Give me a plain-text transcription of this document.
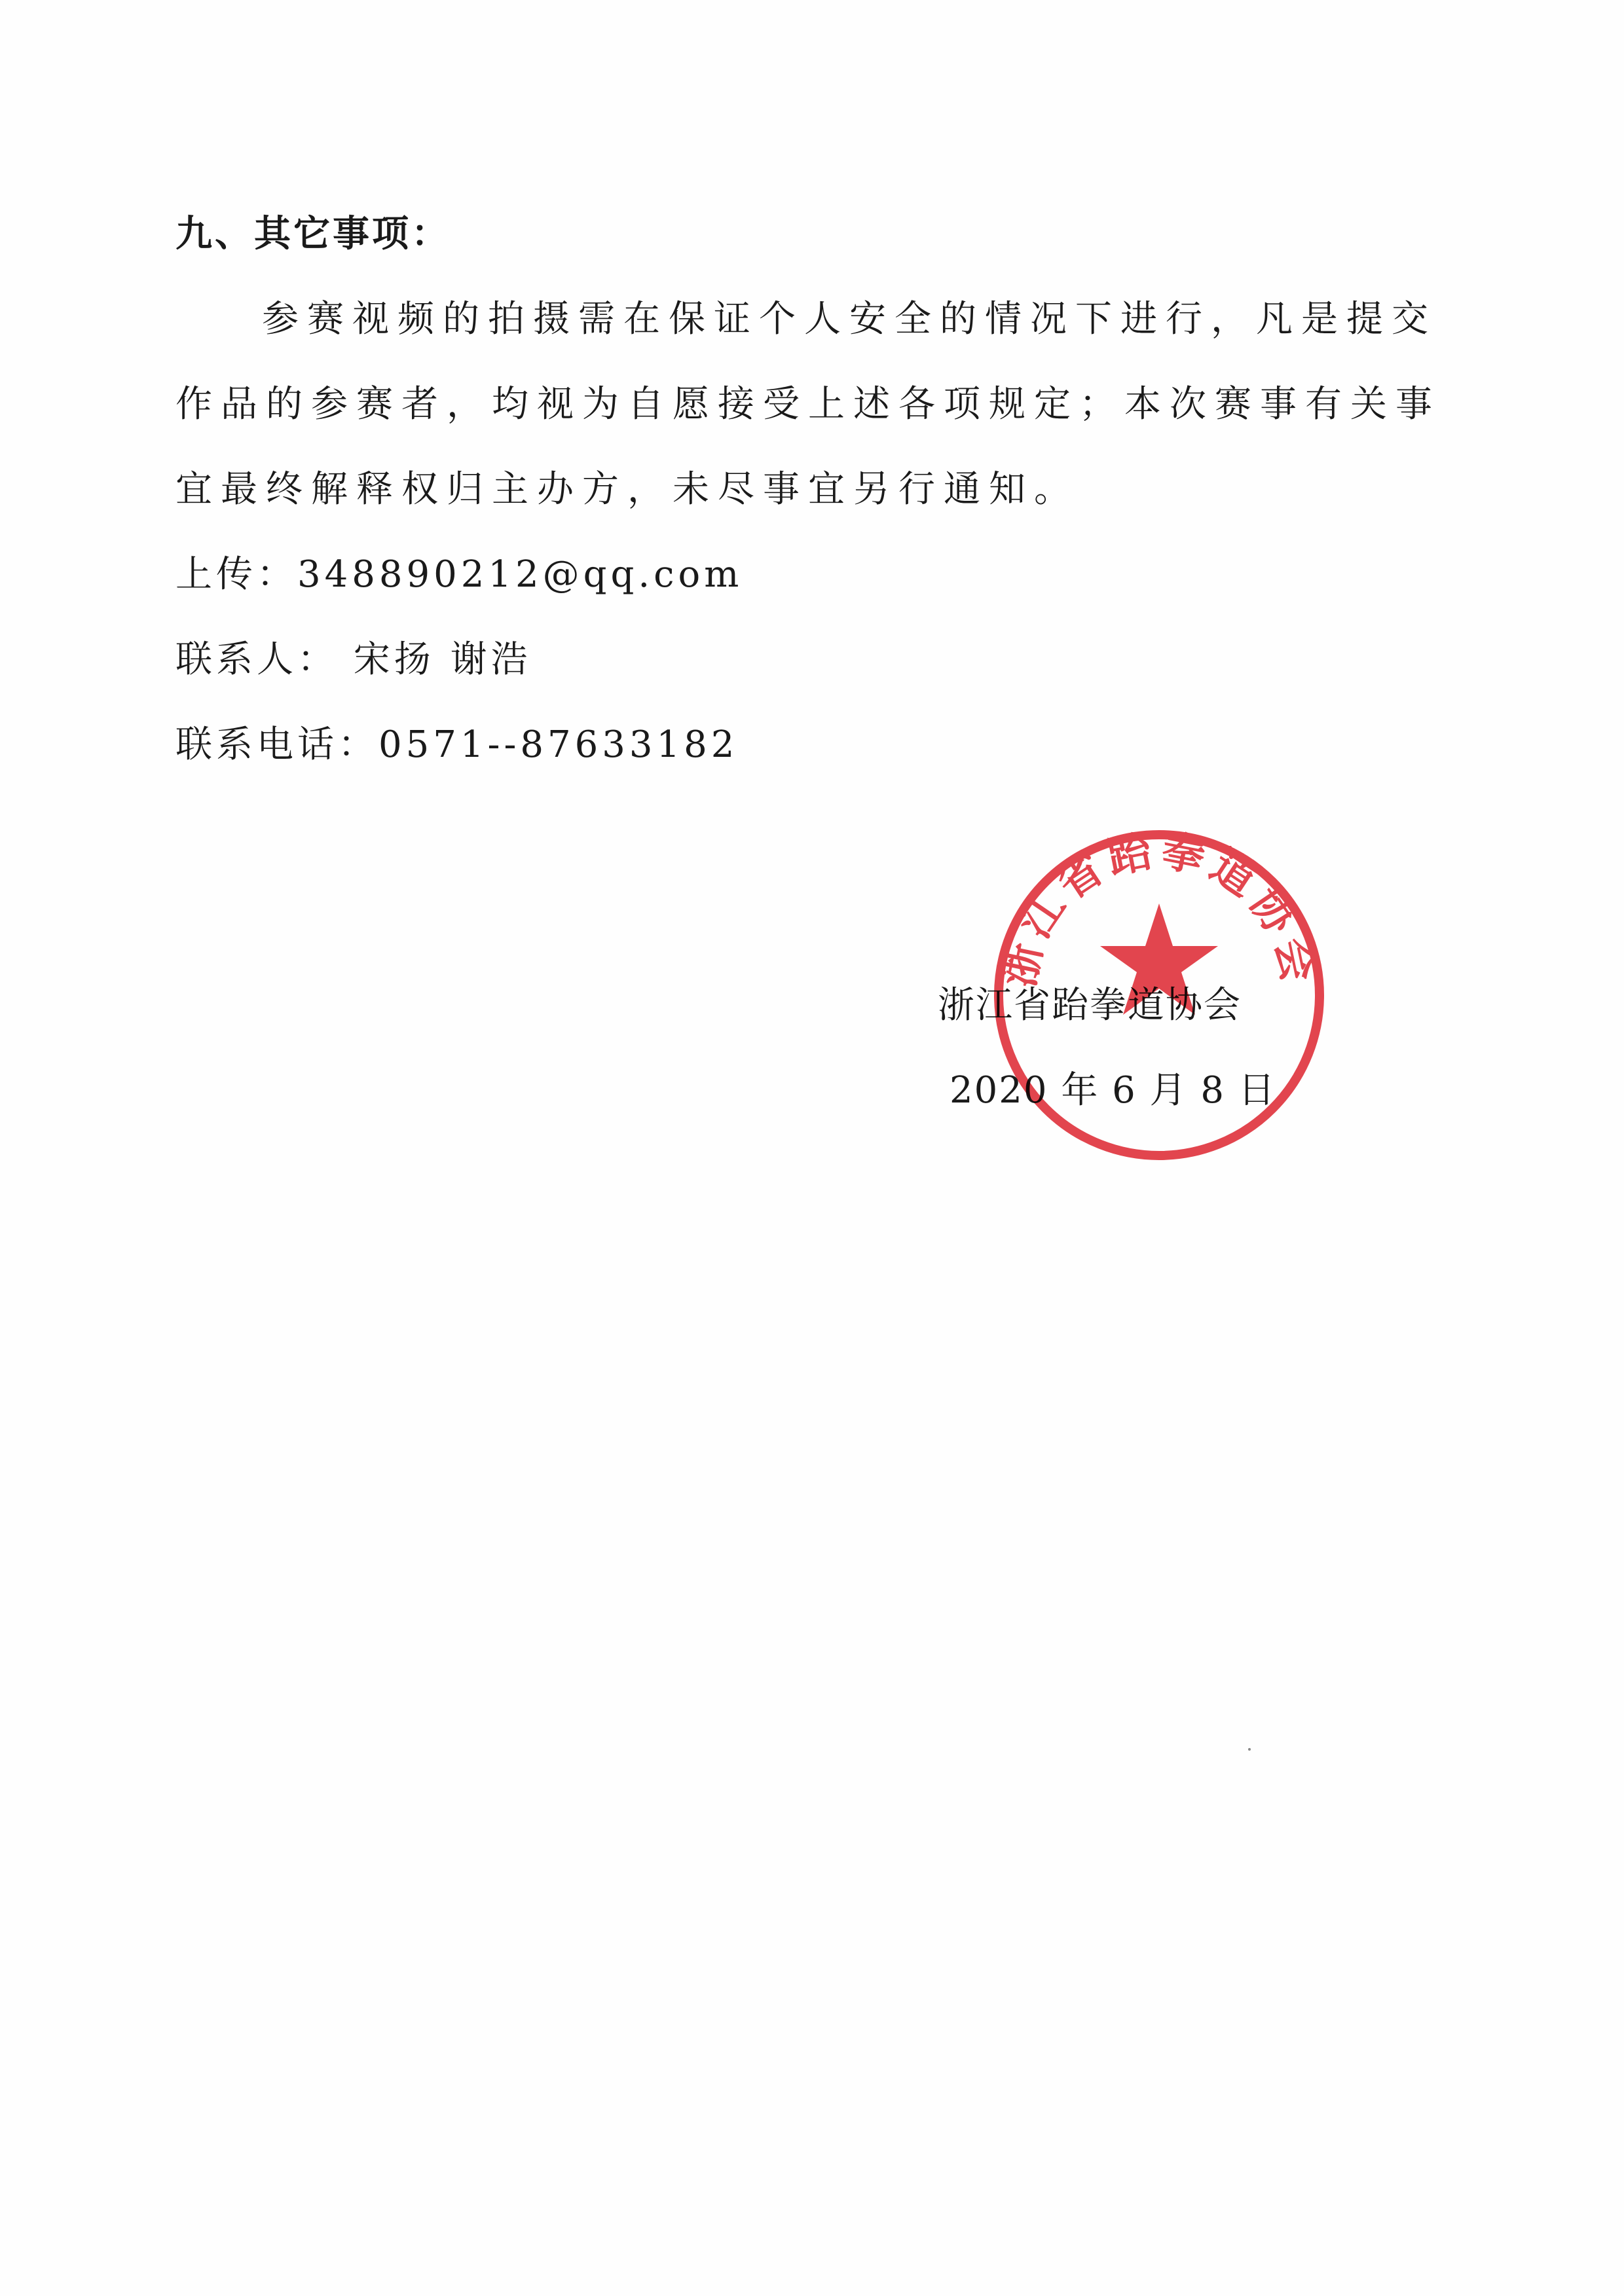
九、其它事项：
参赛视频的拍摄需在保证个人安全的情况下进行，凡是提交
作品的参赛者，均视为自愿接受上述各项规定；本次赛事有关事
宜最终解释权归主办方，未尽事宜另行通知。
上传：348890212@qq.com
联系人： 宋扬 谢浩
联系电话：0571--87633182
浙江省跆拳道协会
2020 年 6 月 8 日
浙江省跆拳道协会
